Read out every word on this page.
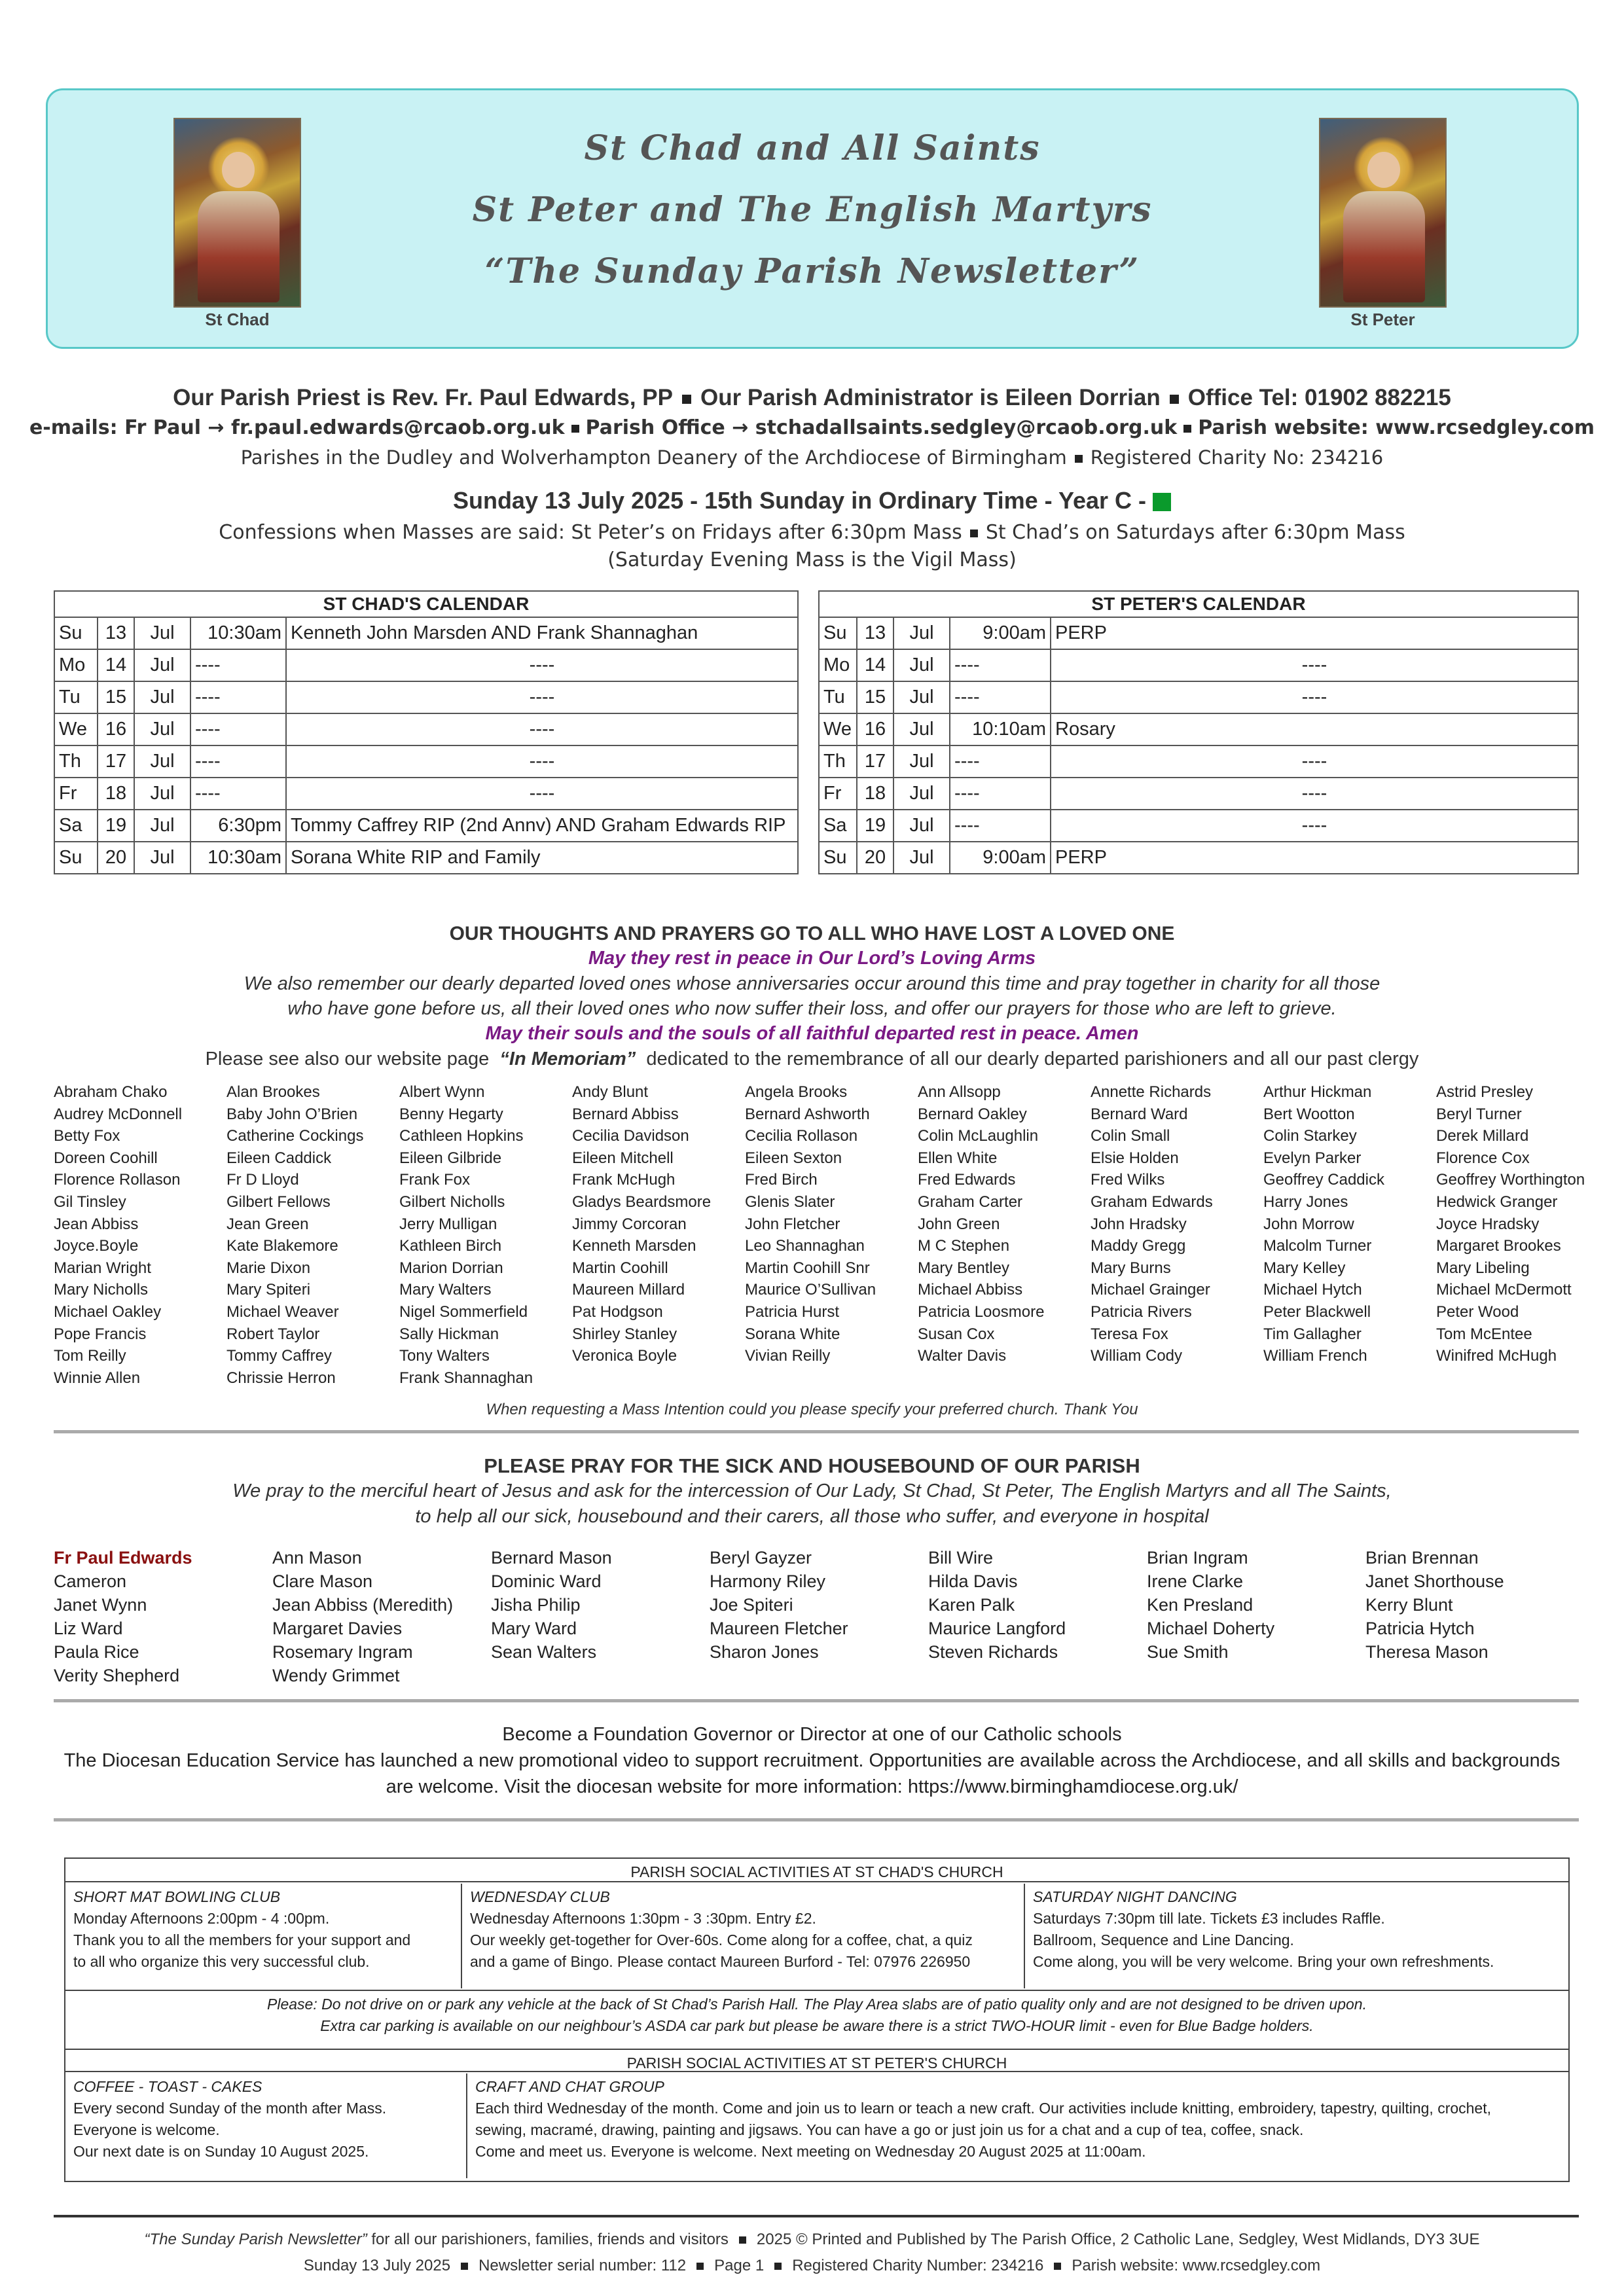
St Chad	St Peter
St Chad and All Saints
St Peter and The English Martyrs
“The Sunday Parish Newsletter”
Our Parish Priest is Rev. Fr. Paul Edwards, PP Our Parish Administrator is Eileen Dorrian Office Tel: 01902 882215
e-mails: Fr Paul → fr.paul.edwards@rcaob.org.uk Parish Office → stchadallsaints.sedgley@rcaob.org.uk Parish website: www.rcsedgley.com
Parishes in the Dudley and Wolverhampton Deanery of the Archdiocese of Birmingham Registered Charity No: 234216
Sunday 13 July 2025 - 15th Sunday in Ordinary Time - Year C -
Confessions when Masses are said: St Peter’s on Fridays after 6:30pm Mass St Chad’s on Saturdays after 6:30pm Mass
(Saturday Evening Mass is the Vigil Mass)
ST CHAD'S CALENDAR				
Su	13	Jul	10:30am	Kenneth John Marsden AND Frank Shannaghan
Mo	14	Jul	----	----
Tu	15	Jul	----	----
We	16	Jul	----	----
Th	17	Jul	----	----
Fr	18	Jul	----	----
Sa	19	Jul	6:30pm	Tommy Caffrey RIP (2nd Annv) AND Graham Edwards RIP
Su	20	Jul	10:30am	Sorana White RIP and Family
ST PETER'S CALENDAR				
Su	13	Jul	9:00am	PERP
Mo	14	Jul	----	----
Tu	15	Jul	----	----
We	16	Jul	10:10am	Rosary
Th	17	Jul	----	----
Fr	18	Jul	----	----
Sa	19	Jul	----	----
Su	20	Jul	9:00am	PERP
OUR THOUGHTS AND PRAYERS GO TO ALL WHO HAVE LOST A LOVED ONE
May they rest in peace in Our Lord’s Loving Arms
We also remember our dearly departed loved ones whose anniversaries occur around this time and pray together in charity for all those
who have gone before us, all their loved ones who now suffer their loss, and offer our prayers for those who are left to grieve.
May their souls and the souls of all faithful departed rest in peace. Amen
Please see also our website page “In Memoriam” dedicated to the remembrance of all our dearly departed parishioners and all our past clergy
Abraham Chako
Audrey McDonnell
Betty Fox
Doreen Coohill
Florence Rollason
Gil Tinsley
Jean Abbiss
Joyce.Boyle
Marian Wright
Mary Nicholls
Michael Oakley
Pope Francis
Tom Reilly
Winnie Allen
Alan Brookes
Baby John O’Brien
Catherine Cockings
Eileen Caddick
Fr D Lloyd
Gilbert Fellows
Jean Green
Kate Blakemore
Marie Dixon
Mary Spiteri
Michael Weaver
Robert Taylor
Tommy Caffrey
Chrissie Herron
Albert Wynn
Benny Hegarty
Cathleen Hopkins
Eileen Gilbride
Frank Fox
Gilbert Nicholls
Jerry Mulligan
Kathleen Birch
Marion Dorrian
Mary Walters
Nigel Sommerfield
Sally Hickman
Tony Walters
Frank Shannaghan
Andy Blunt
Bernard Abbiss
Cecilia Davidson
Eileen Mitchell
Frank McHugh
Gladys Beardsmore
Jimmy Corcoran
Kenneth Marsden
Martin Coohill
Maureen Millard
Pat Hodgson
Shirley Stanley
Veronica Boyle
Angela Brooks
Bernard Ashworth
Cecilia Rollason
Eileen Sexton
Fred Birch
Glenis Slater
John Fletcher
Leo Shannaghan
Martin Coohill Snr
Maurice O’Sullivan
Patricia Hurst
Sorana White
Vivian Reilly
Ann Allsopp
Bernard Oakley
Colin McLaughlin
Ellen White
Fred Edwards
Graham Carter
John Green
M C Stephen
Mary Bentley
Michael Abbiss
Patricia Loosmore
Susan Cox
Walter Davis
Annette Richards
Bernard Ward
Colin Small
Elsie Holden
Fred Wilks
Graham Edwards
John Hradsky
Maddy Gregg
Mary Burns
Michael Grainger
Patricia Rivers
Teresa Fox
William Cody
Arthur Hickman
Bert Wootton
Colin Starkey
Evelyn Parker
Geoffrey Caddick
Harry Jones
John Morrow
Malcolm Turner
Mary Kelley
Michael Hytch
Peter Blackwell
Tim Gallagher
William French
Astrid Presley
Beryl Turner
Derek Millard
Florence Cox
Geoffrey Worthington
Hedwick Granger
Joyce Hradsky
Margaret Brookes
Mary Libeling
Michael McDermott
Peter Wood
Tom McEntee
Winifred McHugh
When requesting a Mass Intention could you please specify your preferred church. Thank You
PLEASE PRAY FOR THE SICK AND HOUSEBOUND OF OUR PARISH
We pray to the merciful heart of Jesus and ask for the intercession of Our Lady, St Chad, St Peter, The English Martyrs and all The Saints,
to help all our sick, housebound and their carers, all those who suffer, and everyone in hospital
Fr Paul Edwards
Cameron
Janet Wynn
Liz Ward
Paula Rice
Verity Shepherd
Ann Mason
Clare Mason
Jean Abbiss (Meredith)
Margaret Davies
Rosemary Ingram
Wendy Grimmet
Bernard Mason
Dominic Ward
Jisha Philip
Mary Ward
Sean Walters
Beryl Gayzer
Harmony Riley
Joe Spiteri
Maureen Fletcher
Sharon Jones
Bill Wire
Hilda Davis
Karen Palk
Maurice Langford
Steven Richards
Brian Ingram
Irene Clarke
Ken Presland
Michael Doherty
Sue Smith
Brian Brennan
Janet Shorthouse
Kerry Blunt
Patricia Hytch
Theresa Mason
Become a Foundation Governor or Director at one of our Catholic schools
The Diocesan Education Service has launched a new promotional video to support recruitment. Opportunities are available across the Archdiocese, and all skills and backgrounds
are welcome. Visit the diocesan website for more information: https://www.birminghamdiocese.org.uk/
PARISH SOCIAL ACTIVITIES AT ST CHAD'S CHURCH
SHORT MAT BOWLING CLUB
Monday Afternoons 2:00pm - 4 :00pm.
Thank you to all the members for your support and
to all who organize this very successful club.
WEDNESDAY CLUB
Wednesday Afternoons 1:30pm - 3 :30pm. Entry £2.
Our weekly get-together for Over-60s. Come along for a coffee, chat, a quiz
and a game of Bingo. Please contact Maureen Burford - Tel: 07976 226950
SATURDAY NIGHT DANCING
Saturdays 7:30pm till late. Tickets £3 includes Raffle.
Ballroom, Sequence and Line Dancing.
Come along, you will be very welcome. Bring your own refreshments.
Please: Do not drive on or park any vehicle at the back of St Chad’s Parish Hall. The Play Area slabs are of patio quality only and are not designed to be driven upon.
Extra car parking is available on our neighbour’s ASDA car park but please be aware there is a strict TWO-HOUR limit - even for Blue Badge holders.
PARISH SOCIAL ACTIVITIES AT ST PETER'S CHURCH
COFFEE - TOAST - CAKES
Every second Sunday of the month after Mass.
Everyone is welcome.
Our next date is on Sunday 10 August 2025.
CRAFT AND CHAT GROUP
Each third Wednesday of the month. Come and join us to learn or teach a new craft. Our activities include knitting, embroidery, tapestry, quilting, crochet,
sewing, macramé, drawing, painting and jigsaws. You can have a go or just join us for a chat and a cup of tea, coffee, snack.
Come and meet us. Everyone is welcome. Next meeting on Wednesday 20 August 2025 at 11:00am.
“The Sunday Parish Newsletter” for all our parishioners, families, friends and visitors 2025 © Printed and Published by The Parish Office, 2 Catholic Lane, Sedgley, West Midlands, DY3 3UE
Sunday 13 July 2025 Newsletter serial number: 112 Page 1 Registered Charity Number: 234216 Parish website: www.rcsedgley.com
